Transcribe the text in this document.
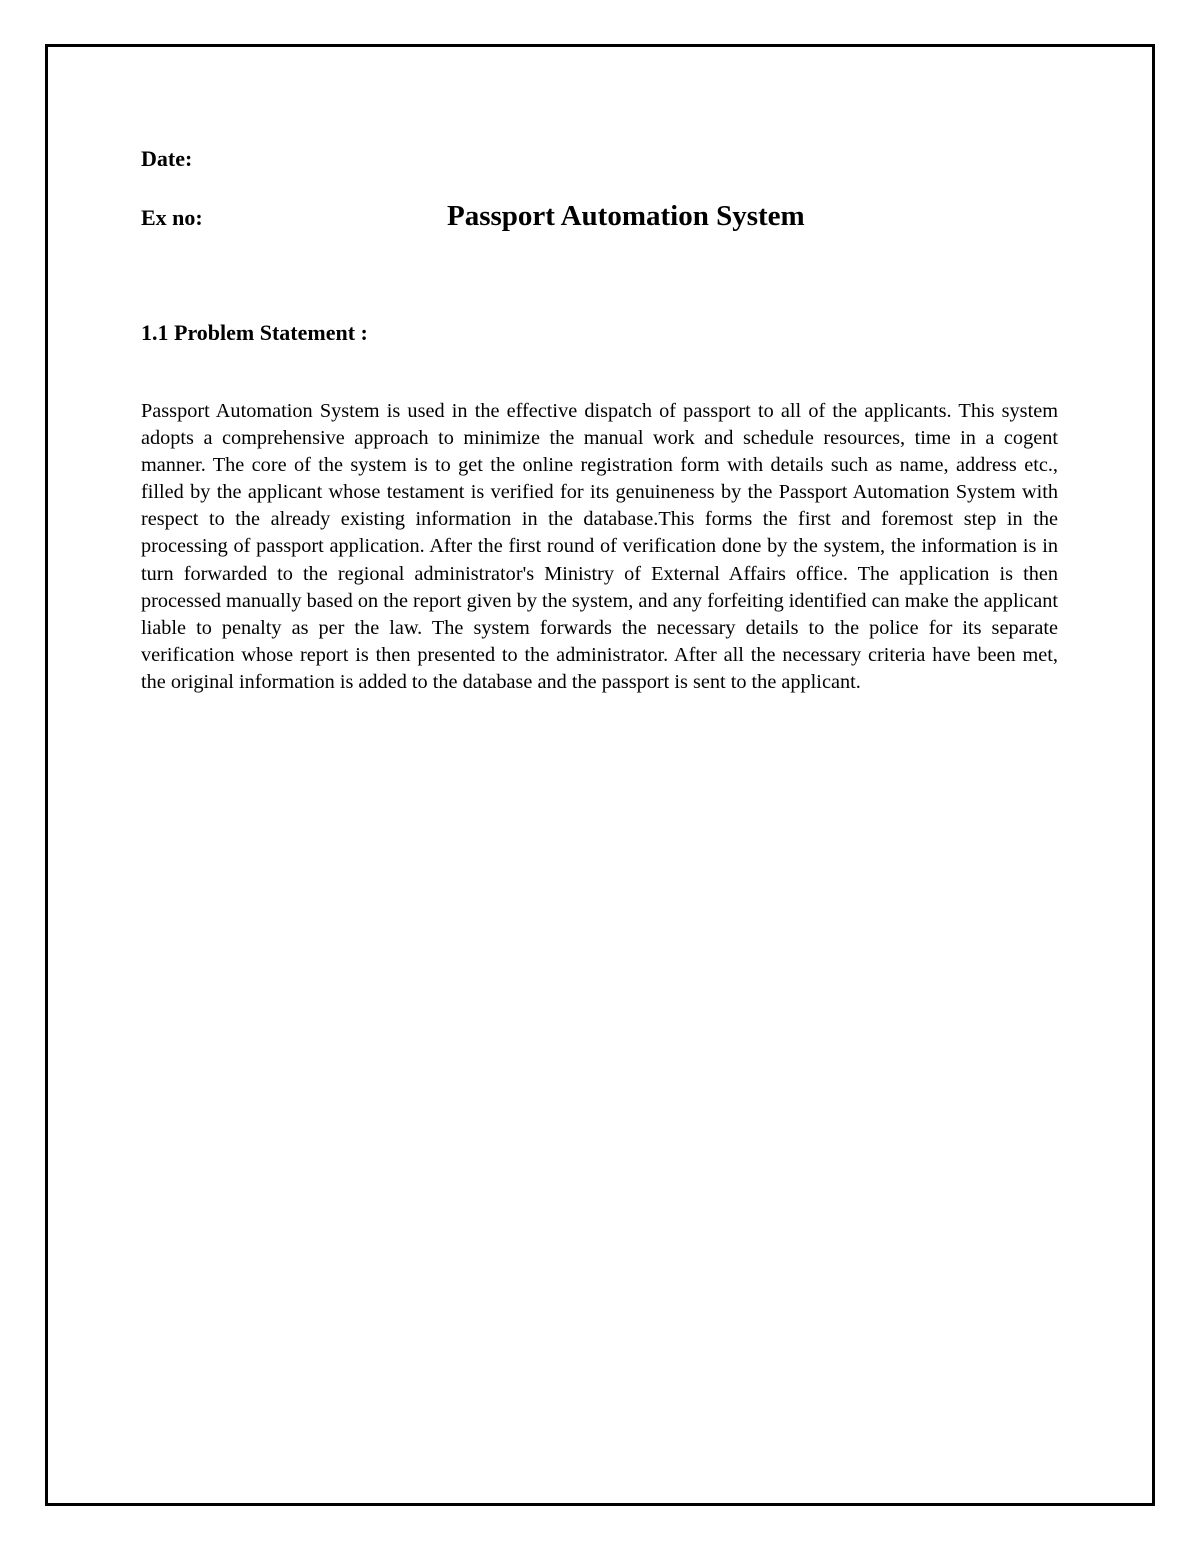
Date:

Ex no:	Passport Automation System
1.1 Problem Statement :

Passport Automation System is used in the effective dispatch of passport to all of the applicants. This system adopts a comprehensive approach to minimize the manual work and schedule resources, time in a cogent manner. The core of the system is to get the online registration form with details such as name, address etc., filled by the applicant whose testament is verified for its genuineness by the Passport Automation System with respect to the already existing information in the database.This forms the first and foremost step in the processing of passport application. After the first round of verification done by the system, the information is in turn forwarded to the regional administrator's Ministry of External Affairs office. The application is then processed manually based on the report given by the system, and any forfeiting identified can make the applicant liable to penalty as per the law. The system forwards the necessary details to the police for its separate verification whose report is then presented to the administrator. After all the necessary criteria have been met, the original information is added to the database and the passport is sent to the applicant.
